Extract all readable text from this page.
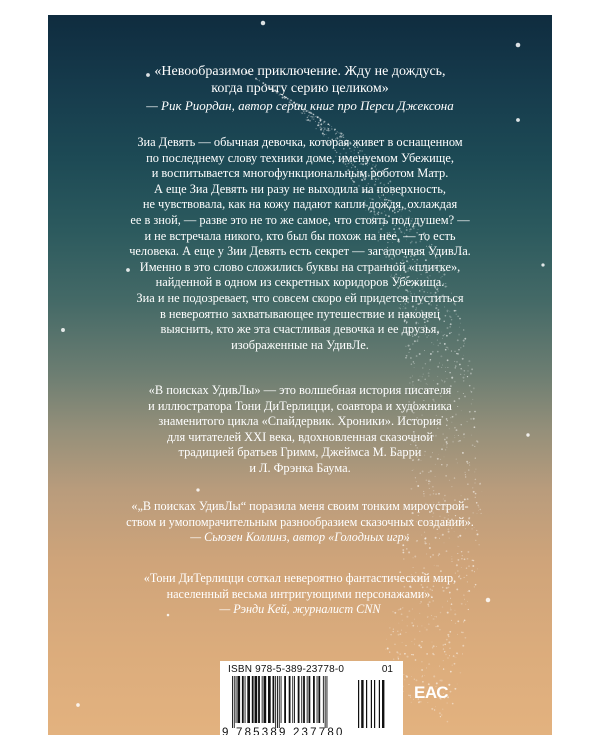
«Невообразимое приключение. Жду не дождусь,
когда прочту серию целиком»
— Рик Риордан, автор серии книг про Перси Джексона
Зиа Девять — обычная девочка, которая живет в оснащенном
по последнему слову техники доме, именуемом Убежище,
и воспитывается многофункциональным роботом Матр.
А еще Зиа Девять ни разу не выходила на поверхность,
не чувствовала, как на кожу падают капли дождя, охлаждая
ее в зной, — разве это не то же самое, что стоять под душем? —
и не встречала никого, кто был бы похож на нее, — то есть
человека. А еще у Зии Девять есть секрет — загадочная УдивЛа.
Именно в это слово сложились буквы на странной «плитке»,
найденной в одном из секретных коридоров Убежища.
Зиа и не подозревает, что совсем скоро ей придется пуститься
в невероятно захватывающее путешествие и наконец
выяснить, кто же эта счастливая девочка и ее друзья,
изображенные на УдивЛе.
«В поисках УдивЛы» — это волшебная история писателя
и иллюстратора Тони ДиТерлицци, соавтора и художника
знаменитого цикла «Спайдервик. Хроники». История
для читателей XXI века, вдохновленная сказочной
традицией братьев Гримм, Джеймса М. Барри
и Л. Фрэнка Баума.
«„В поисках УдивЛы“ поразила меня своим тонким мироустрой-
ством и умопомрачительным разнообразием сказочных созданий».
— Сьюзен Коллинз, автор «Голодных игр»
«Тони ДиТерлицци соткал невероятно фантастический мир,
населенный весьма интригующими персонажами».
— Рэнди Кей, журналист CNN
ISBN 978-5-389-23778-0	01
9 785389 237780
ЕАС
